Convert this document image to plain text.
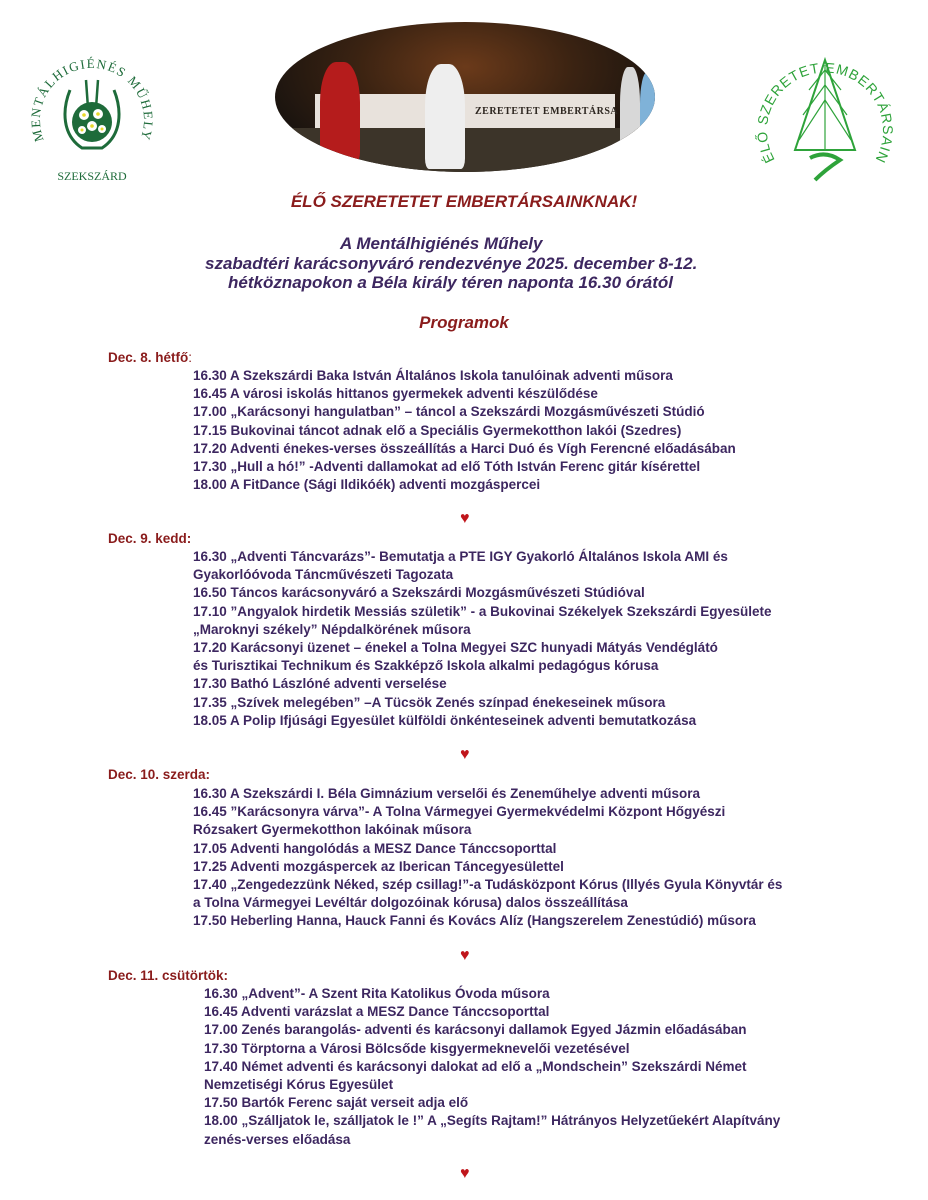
MENTÁLHIGIÉNÉS MŰHELY
SZEKSZÁRD
ZERETETET EMBERTÁRSA
ÉLŐ SZERETET EMBERTÁRSAIN
ÉLŐ SZERETETET EMBERTÁRSAINKNAK!
A Mentálhigiénés Műhely
szabadtéri karácsonyváró rendezvénye 2025. december 8-12.
hétköznapokon a Béla király téren naponta 16.30 órától
Programok
Dec. 8. hétfő:
16.30 A Szekszárdi Baka István Általános Iskola tanulóinak adventi műsora
16.45 A városi iskolás hittanos gyermekek adventi készülődése
17.00 „Karácsonyi hangulatban” – táncol a Szekszárdi Mozgásművészeti Stúdió
17.15 Bukovinai táncot adnak elő a Speciális Gyermekotthon lakói (Szedres)
17.20 Adventi énekes-verses összeállítás a Harci Duó és Vígh Ferencné előadásában
17.30 „Hull a hó!” -Adventi dallamokat ad elő Tóth István Ferenc gitár kísérettel
18.00 A FitDance (Sági Ildikóék) adventi mozgáspercei
♥
Dec. 9. kedd:
16.30 „Adventi Táncvarázs”- Bemutatja a PTE IGY Gyakorló Általános Iskola AMI és
Gyakorlóóvoda Táncművészeti Tagozata
16.50 Táncos karácsonyváró a Szekszárdi Mozgásművészeti Stúdióval
17.10 ”Angyalok hirdetik Messiás születik” - a Bukovinai Székelyek Szekszárdi Egyesülete
„Maroknyi székely” Népdalkörének műsora
17.20 Karácsonyi üzenet – énekel a Tolna Megyei SZC hunyadi Mátyás Vendéglátó
és Turisztikai Technikum és Szakképző Iskola alkalmi pedagógus kórusa
17.30 Bathó Lászlóné adventi verselése
17.35 „Szívek melegében” –A Tücsök Zenés színpad énekeseinek műsora
18.05 A Polip Ifjúsági Egyesület külföldi önkénteseinek adventi bemutatkozása
♥
Dec. 10. szerda:
16.30 A Szekszárdi I. Béla Gimnázium verselői és Zeneműhelye adventi műsora
16.45 ”Karácsonyra várva”- A Tolna Vármegyei Gyermekvédelmi Központ Hőgyészi
Rózsakert Gyermekotthon lakóinak műsora
17.05 Adventi hangolódás a MESZ Dance Tánccsoporttal
17.25 Adventi mozgáspercek az Iberican Táncegyesülettel
17.40 „Zengedezzünk Néked, szép csillag!”-a Tudásközpont Kórus (Illyés Gyula Könyvtár és
a Tolna Vármegyei Levéltár dolgozóinak kórusa) dalos összeállítása
17.50 Heberling Hanna, Hauck Fanni és Kovács Alíz (Hangszerelem Zenestúdió) műsora
♥
Dec. 11. csütörtök:
16.30 „Advent”- A Szent Rita Katolikus Óvoda műsora
16.45 Adventi varázslat a MESZ Dance Tánccsoporttal
17.00 Zenés barangolás- adventi és karácsonyi dallamok Egyed Jázmin előadásában
17.30 Törptorna a Városi Bölcsőde kisgyermeknevelői vezetésével
17.40 Német adventi és karácsonyi dalokat ad elő a „Mondschein” Szekszárdi Német
Nemzetiségi Kórus Egyesület
17.50 Bartók Ferenc saját verseit adja elő
18.00 „Szálljatok le, szálljatok le !” A „Segíts Rajtam!” Hátrányos Helyzetűekért Alapítvány
zenés-verses előadása
♥
